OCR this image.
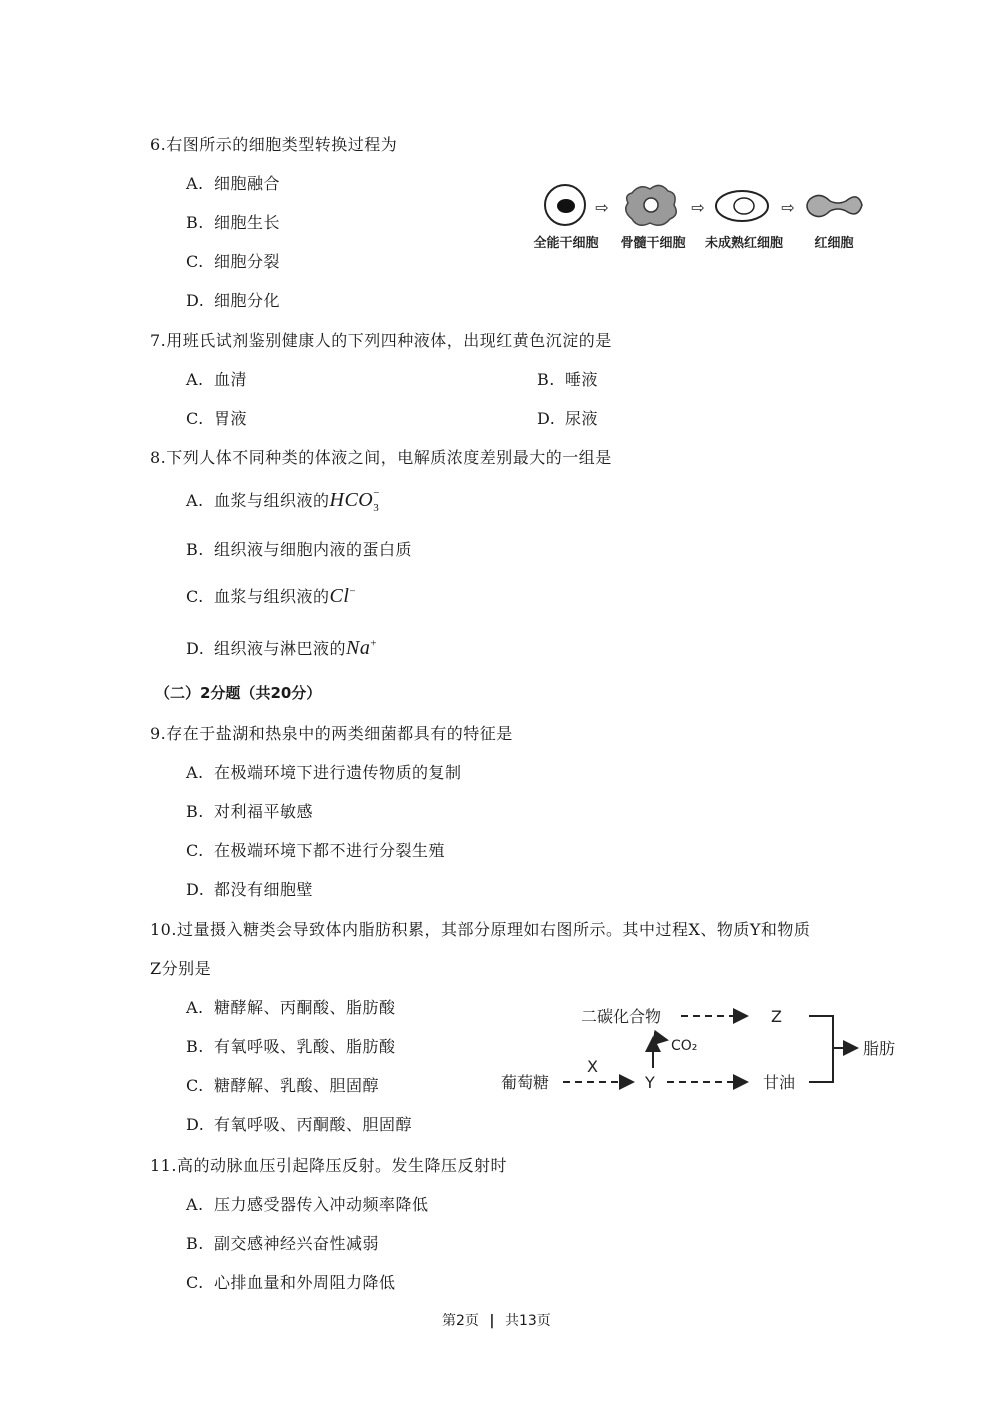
6.右图所示的细胞类型转换过程为
A. 细胞融合
B. 细胞生长
C. 细胞分裂
D. 细胞分化
⇨	⇨	⇨
全能干细胞 骨髓干细胞 未成熟红细胞 红细胞
7.用班氏试剂鉴别健康人的下列四种液体，出现红黄色沉淀的是
A. 血清	B. 唾液
C. 胃液	D. 尿液
8.下列人体不同种类的体液之间，电解质浓度差别最大的一组是
A. 血浆与组织液的$HCO_3^-$
B. 组织液与细胞内液的蛋白质
C. 血浆与组织液的Cl−
D. 组织液与淋巴液的Na+
（二）2分题（共20分）
9.存在于盐湖和热泉中的两类细菌都具有的特征是
A. 在极端环境下进行遗传物质的复制
B. 对利福平敏感
C. 在极端环境下都不进行分裂生殖
D. 都没有细胞壁
10.过量摄入糖类会导致体内脂肪积累，其部分原理如右图所示。其中过程X、物质Y和物质
Z分别是
A. 糖酵解、丙酮酸、脂肪酸
B. 有氧呼吸、乳酸、脂肪酸
C. 糖酵解、乳酸、胆固醇
D. 有氧呼吸、丙酮酸、胆固醇
二碳化合物	Z
X
CO₂
葡萄糖	Y	甘油
脂肪
11.高的动脉血压引起降压反射。发生降压反射时
A. 压力感受器传入冲动频率降低
B. 副交感神经兴奋性减弱
C. 心排血量和外周阻力降低
第2页 | 共13页
